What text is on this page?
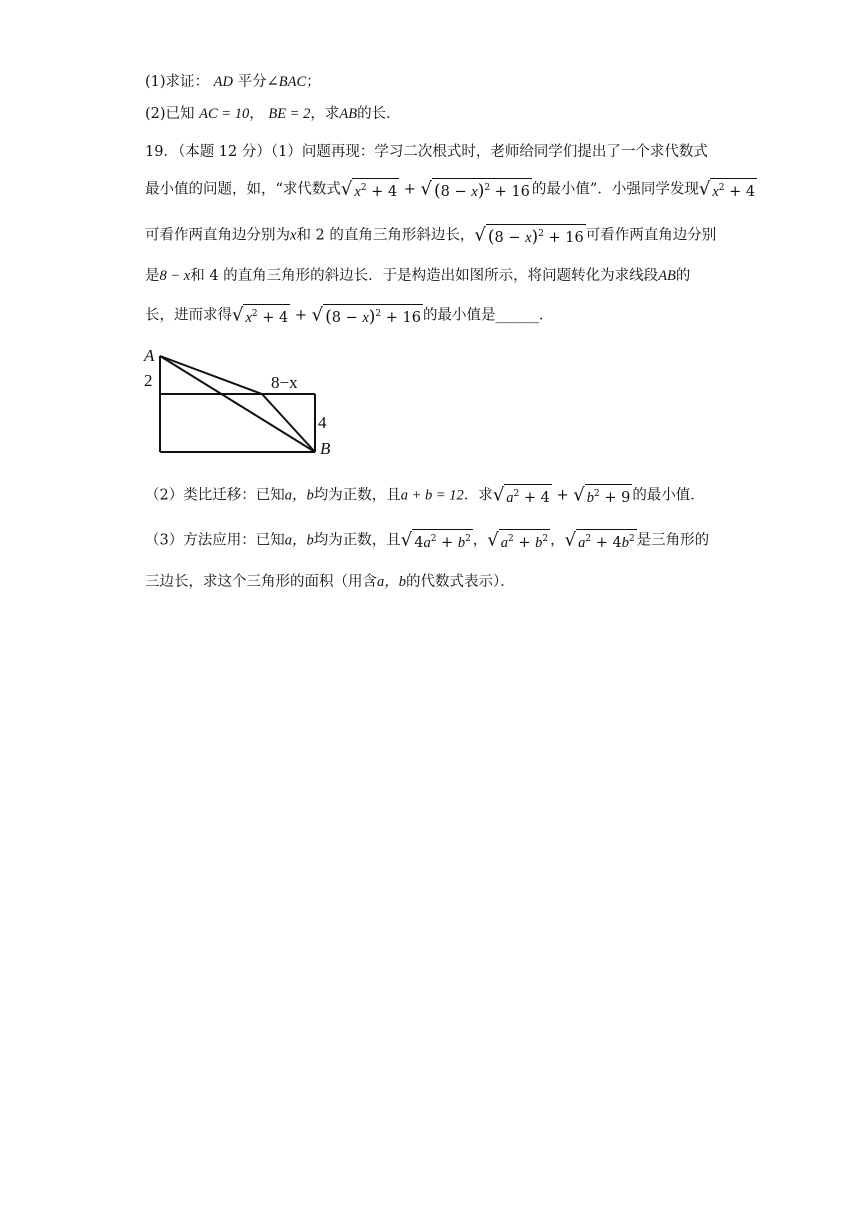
(1)求证： AD 平分∠BAC；
(2)已知 AC = 10， BE = 2，求AB的长．
19．（本题 12 分）（1）问题再现：学习二次根式时，老师给同学们提出了一个求代数式
最小值的问题，如，“求代数式√ $x^2 + 4$ + √ $(8 - x)^2 + 16$ 的最小值”．小强同学发现√ $x^2 + 4$
可看作两直角边分别为x和 2 的直角三角形斜边长，√ $(8 - x)^2 + 16$ 可看作两直角边分别
是8 − x和 4 的直角三角形的斜边长．于是构造出如图所示，将问题转化为求线段AB的
长，进而求得√ $x^2 + 4$ + √ $(8 - x)^2 + 16$ 的最小值是______．
A
2	8−x
4
B
（2）类比迁移：已知a，b均为正数，且a + b = 12．求√ $a^2 + 4$ + √ $b^2 + 9$ 的最小值．
（3）方法应用：已知a，b均为正数，且√ $4a^2 + b^2$ ，√ $a^2 + b^2$ ，√ $a^2 + 4b^2$ 是三角形的
三边长，求这个三角形的面积（用含a，b的代数式表示）．
